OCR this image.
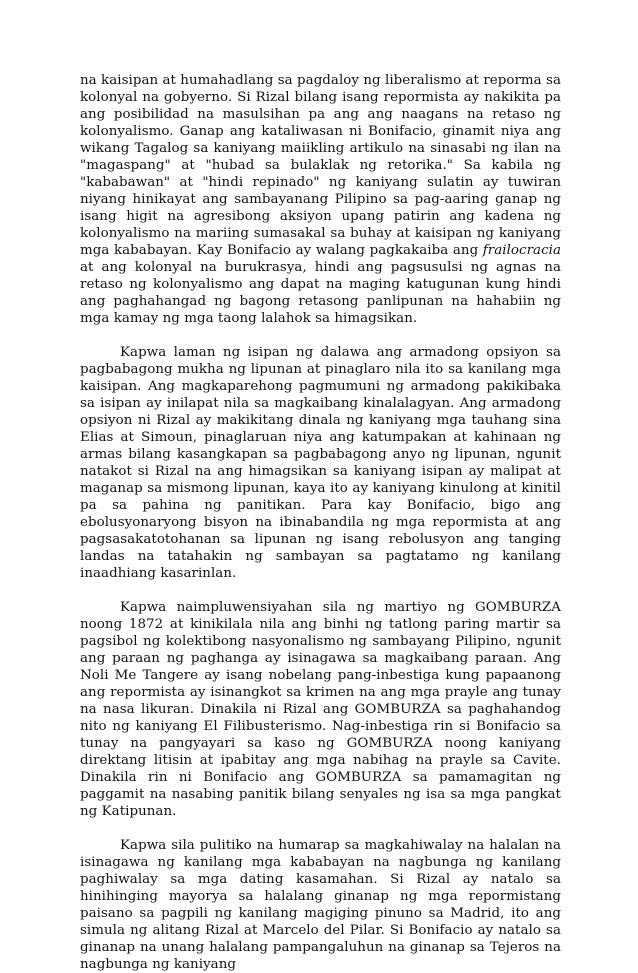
na kaisipan at humahadlang sa pagdaloy ng liberalismo at reporma sa kolonyal na gobyerno. Si Rizal bilang isang repormista ay nakikita pa ang posibilidad na masulsihan pa ang ang naagans na retaso ng kolonyalismo. Ganap ang kataliwasan ni Bonifacio, ginamit niya ang wikang Tagalog sa kaniyang maiikling artikulo na sinasabi ng ilan na "magaspang" at "hubad sa bulaklak ng retorika." Sa kabila ng "kababawan" at "hindi repinado" ng kaniyang sulatin ay tuwiran niyang hinikayat ang sambayanang Pilipino sa pag-aaring ganap ng isang higit na agresibong aksiyon upang patirin ang kadena ng kolonyalismo na mariing sumasakal sa buhay at kaisipan ng kaniyang mga kababayan. Kay Bonifacio ay walang pagkakaiba ang frailocracia at ang kolonyal na burukrasya, hindi ang pagsusulsi ng agnas na retaso ng kolonyalismo ang dapat na maging katugunan kung hindi ang paghahangad ng bagong retasong panlipunan na hahabiin ng mga kamay ng mga taong lalahok sa himagsikan.

Kapwa laman ng isipan ng dalawa ang armadong opsiyon sa pagbabagong mukha ng lipunan at pinaglaro nila ito sa kanilang mga kaisipan. Ang magkaparehong pagmumuni ng armadong pakikibaka sa isipan ay inilapat nila sa magkaibang kinalalagyan. Ang armadong opsiyon ni Rizal ay makikitang dinala ng kaniyang mga tauhang sina Elias at Simoun, pinaglaruan niya ang katumpakan at kahinaan ng armas bilang kasangkapan sa pagbabagong anyo ng lipunan, ngunit natakot si Rizal na ang himagsikan sa kaniyang isipan ay malipat at maganap sa mismong lipunan, kaya ito ay kaniyang kinulong at kinitil pa sa pahina ng panitikan. Para kay Bonifacio, bigo ang ebolusyonaryong bisyon na ibinabandila ng mga repormista at ang pagsasakatotohanan sa lipunan ng isang rebolusyon ang tanging landas na tatahakin ng sambayan sa pagtatamo ng kanilang inaadhiang kasarinlan.

Kapwa naimpluwensiyahan sila ng martiyo ng GOMBURZA noong 1872 at kinikilala nila ang binhi ng tatlong paring martir sa pagsibol ng kolektibong nasyonalismo ng sambayang Pilipino, ngunit ang paraan ng paghanga ay isinagawa sa magkaibang paraan. Ang Noli Me Tangere ay isang nobelang pang-inbestiga kung papaanong ang repormista ay isinangkot sa krimen na ang mga prayle ang tunay na nasa likuran. Dinakila ni Rizal ang GOMBURZA sa paghahandog nito ng kaniyang El Filibusterismo. Nag-inbestiga rin si Bonifacio sa tunay na pangyayari sa kaso ng GOMBURZA noong kaniyang direktang litisin at ipabitay ang mga nabihag na prayle sa Cavite. Dinakila rin ni Bonifacio ang GOMBURZA sa pamamagitan ng paggamit na nasabing panitik bilang senyales ng isa sa mga pangkat ng Katipunan.

Kapwa sila pulitiko na humarap sa magkahiwalay na halalan na isinagawa ng kanilang mga kababayan na nagbunga ng kanilang paghiwalay sa mga dating kasamahan. Si Rizal ay natalo sa hinihinging mayorya sa halalang ginanap ng mga repormistang paisano sa pagpili ng kanilang magiging pinuno sa Madrid, ito ang simula ng alitang Rizal at Marcelo del Pilar. Si Bonifacio ay natalo sa ginanap na unang halalang pampangaluhun na ginanap sa Tejeros na nagbunga ng kaniyang
